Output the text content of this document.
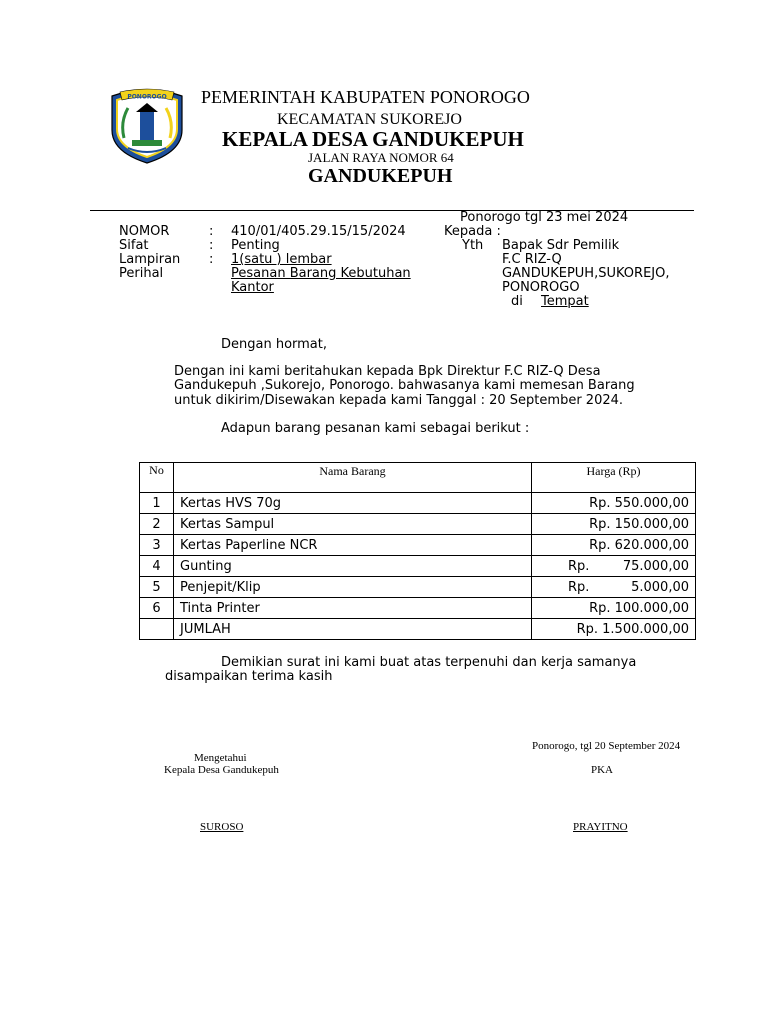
PONOROGO PEMERINTAH KABUPATEN PONOROGO
KECAMATAN SUKOREJO
KEPALA DESA GANDUKEPUH
JALAN RAYA NOMOR 64
GANDUKEPUH
Ponorogo tgl 23 mei 2024
NOMOR	: 410/01/405.29.15/15/2024
Sifat	: Penting
Lampiran : 1(satu ) lembar
Perihal	Pesanan Barang Kebutuhan
Kantor
Kepada :
Yth Bapak Sdr Pemilik
F.C RIZ-Q
GANDUKEPUH,SUKOREJO,
PONOROGO
di Tempat
Dengan hormat,
Dengan ini kami beritahukan kepada Bpk Direktur F.C RIZ-Q Desa
Gandukepuh ,Sukorejo, Ponorogo. bahwasanya kami memesan Barang
untuk dikirim/Disewakan kepada kami Tanggal : 20 September 2024.
Adapun barang pesanan kami sebagai berikut :
No	Nama Barang	Harga (Rp)
1	Kertas HVS 70g	Rp. 550.000,00

2	Kertas Sampul	Rp. 150.000,00

3	Kertas Paperline NCR	Rp. 620.000,00

4	Gunting	Rp. 75.000,00

5	Penjepit/Klip	Rp. 5.000,00

6	Tinta Printer	Rp. 100.000,00

	JUMLAH	Rp. 1.500.000,00
Demikian surat ini kami buat atas terpenuhi dan kerja samanya
disampaikan terima kasih
Ponorogo, tgl 20 September 2024
Mengetahui
Kepala Desa Gandukepuh	PKA
SUROSO	PRAYITNO
